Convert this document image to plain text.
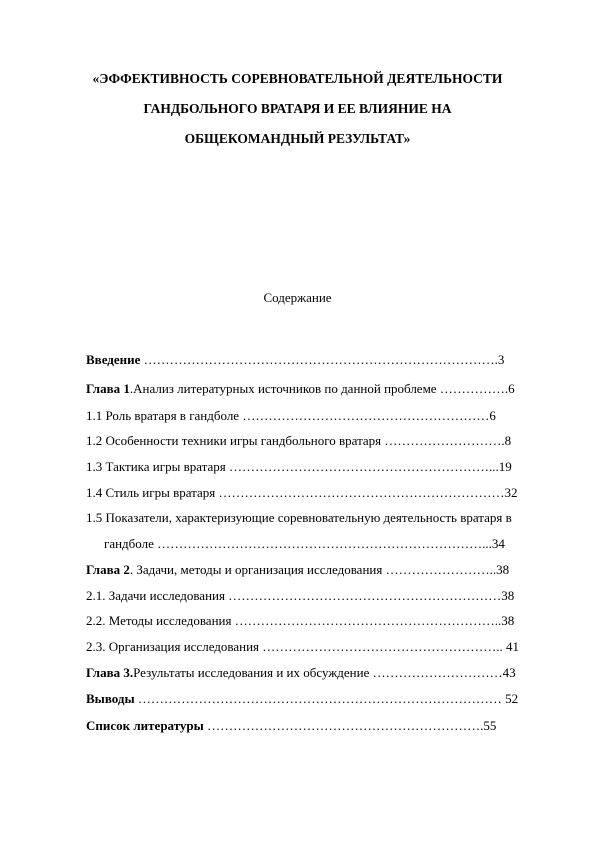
«ЭФФЕКТИВНОСТЬ СОРЕВНОВАТЕЛЬНОЙ ДЕЯТЕЛЬНОСТИ
ГАНДБОЛЬНОГО ВРАТАРЯ И ЕЕ ВЛИЯНИЕ НА
ОБЩЕКОМАНДНЫЙ РЕЗУЛЬТАТ»
Содержание
Введение ……………………………………………………………………….3
Глава 1.Анализ литературных источников по данной проблеме …………….6
1.1 Роль вратаря в гандболе …………………………………………………6
1.2 Особенности техники игры гандбольного вратаря ……………………….8
1.3 Тактика игры вратаря ……………………………………………………...19
1.4 Стиль игры вратаря …………………………………………………………32
1.5 Показатели, характеризующие соревновательную деятельность вратаря в
гандболе …………………………………………………………………...34
Глава 2. Задачи, методы и организация исследования ……………………..38
2.1. Задачи исследования ………………………………………………………38
2.2. Методы исследования ……………………………………………………..38
2.3. Организация исследования ……………………………………………….. 41
Глава 3.Результаты исследования и их обсуждение …………………………43
Выводы ………………………………………………………………………… 52
Список литературы ……………………………………………………….55
